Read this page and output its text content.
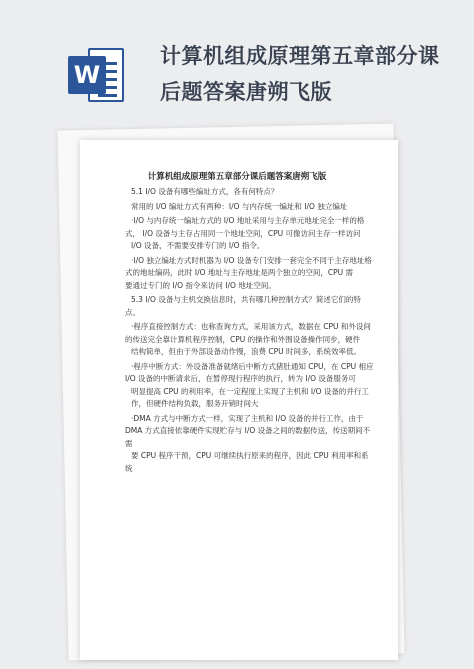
W
计算机组成原理第五章部分课
后题答案唐朔飞版
计算机组成原理第五章部分课后题答案唐朔飞版

5.1 I/O 设备有哪些编址方式，各有何特点？

常用的 I/O 编址方式有两种：I/O 与内存统一编址和 I/O 独立编址

·I/O 与内存统一编址方式的 I/O 地址采用与主存单元地址完全一样的格式， I/O 设备与主存占用同一个地址空间，CPU 可像访问主存一样访问

I/O 设备，不需要安排专门的 I/O 指令。

·I/O 独立编址方式时机器为 I/O 设备专门安排一套完全不同于主存地址格式的地址编码，此时 I/O 地址与主存地址是两个独立的空间，CPU 需

要通过专门的 I/O 指令来访问 I/O 地址空间。

5.3 I/O 设备与主机交换信息时，共有哪几种控制方式？简述它们的特点。

·程序直接控制方式：也称查询方式，采用该方式，数据在 CPU 和外设间的传送完全靠计算机程序控制，CPU 的操作和外围设备操作同步，硬件

结构简单，但由于外部设备动作慢，浪费 CPU 时间多，系统效率低。

·程序中断方式：外设备准备就绪后中断方式猪肚通知 CPU，在 CPU 相应 I/O 设备的中断请求后，在暂停现行程序的执行，转为 I/O 设备服务可

明显提高 CPU 的利用率，在一定程度上实现了主机和 I/O 设备的并行工

作，但硬件结构负载，服务开销时间大

·DMA 方式与中断方式一样，实现了主机和 I/O 设备的并行工作，由于 DMA 方式直接依靠硬件实现贮存与 I/O 设备之间的数据传送，传送期间不需

要 CPU 程序干预，CPU 可继续执行原来的程序，因此 CPU 利用率和系统
